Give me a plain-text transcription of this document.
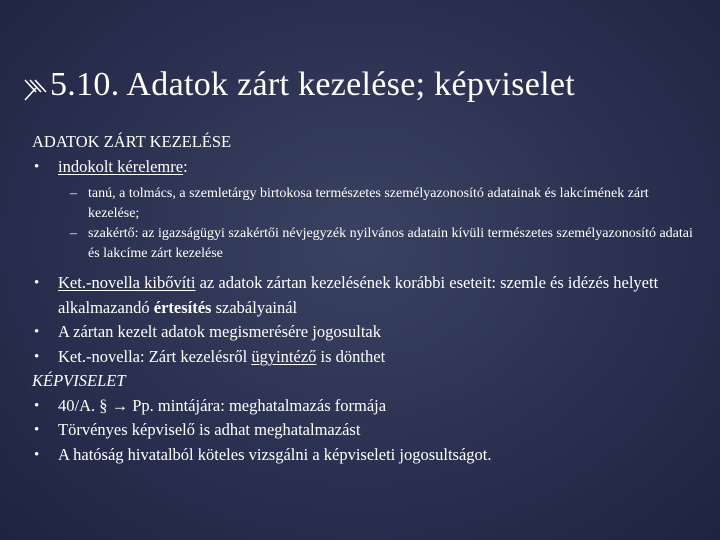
5.10. Adatok zárt kezelése; képviselet
ADATOK ZÁRT KEZELÉSE
• indokolt kérelemre:
– tanú, a tolmács, a szemletárgy birtokosa természetes személyazonosító adatainak és lakcímének zárt kezelése;
– szakértő: az igazságügyi szakértői névjegyzék nyilvános adatain kívüli természetes személyazonosító adatai és lakcíme zárt kezelése
• Ket.-novella kibővíti az adatok zártan kezelésének korábbi eseteit: szemle és idézés helyett alkalmazandó értesítés szabályainál
• A zártan kezelt adatok megismerésére jogosultak
• Ket.-novella: Zárt kezelésről ügyintéző is dönthet
KÉPVISELET
• 40/A. § → Pp. mintájára: meghatalmazás formája
• Törvényes képviselő is adhat meghatalmazást
• A hatóság hivatalból köteles vizsgálni a képviseleti jogosultságot.
